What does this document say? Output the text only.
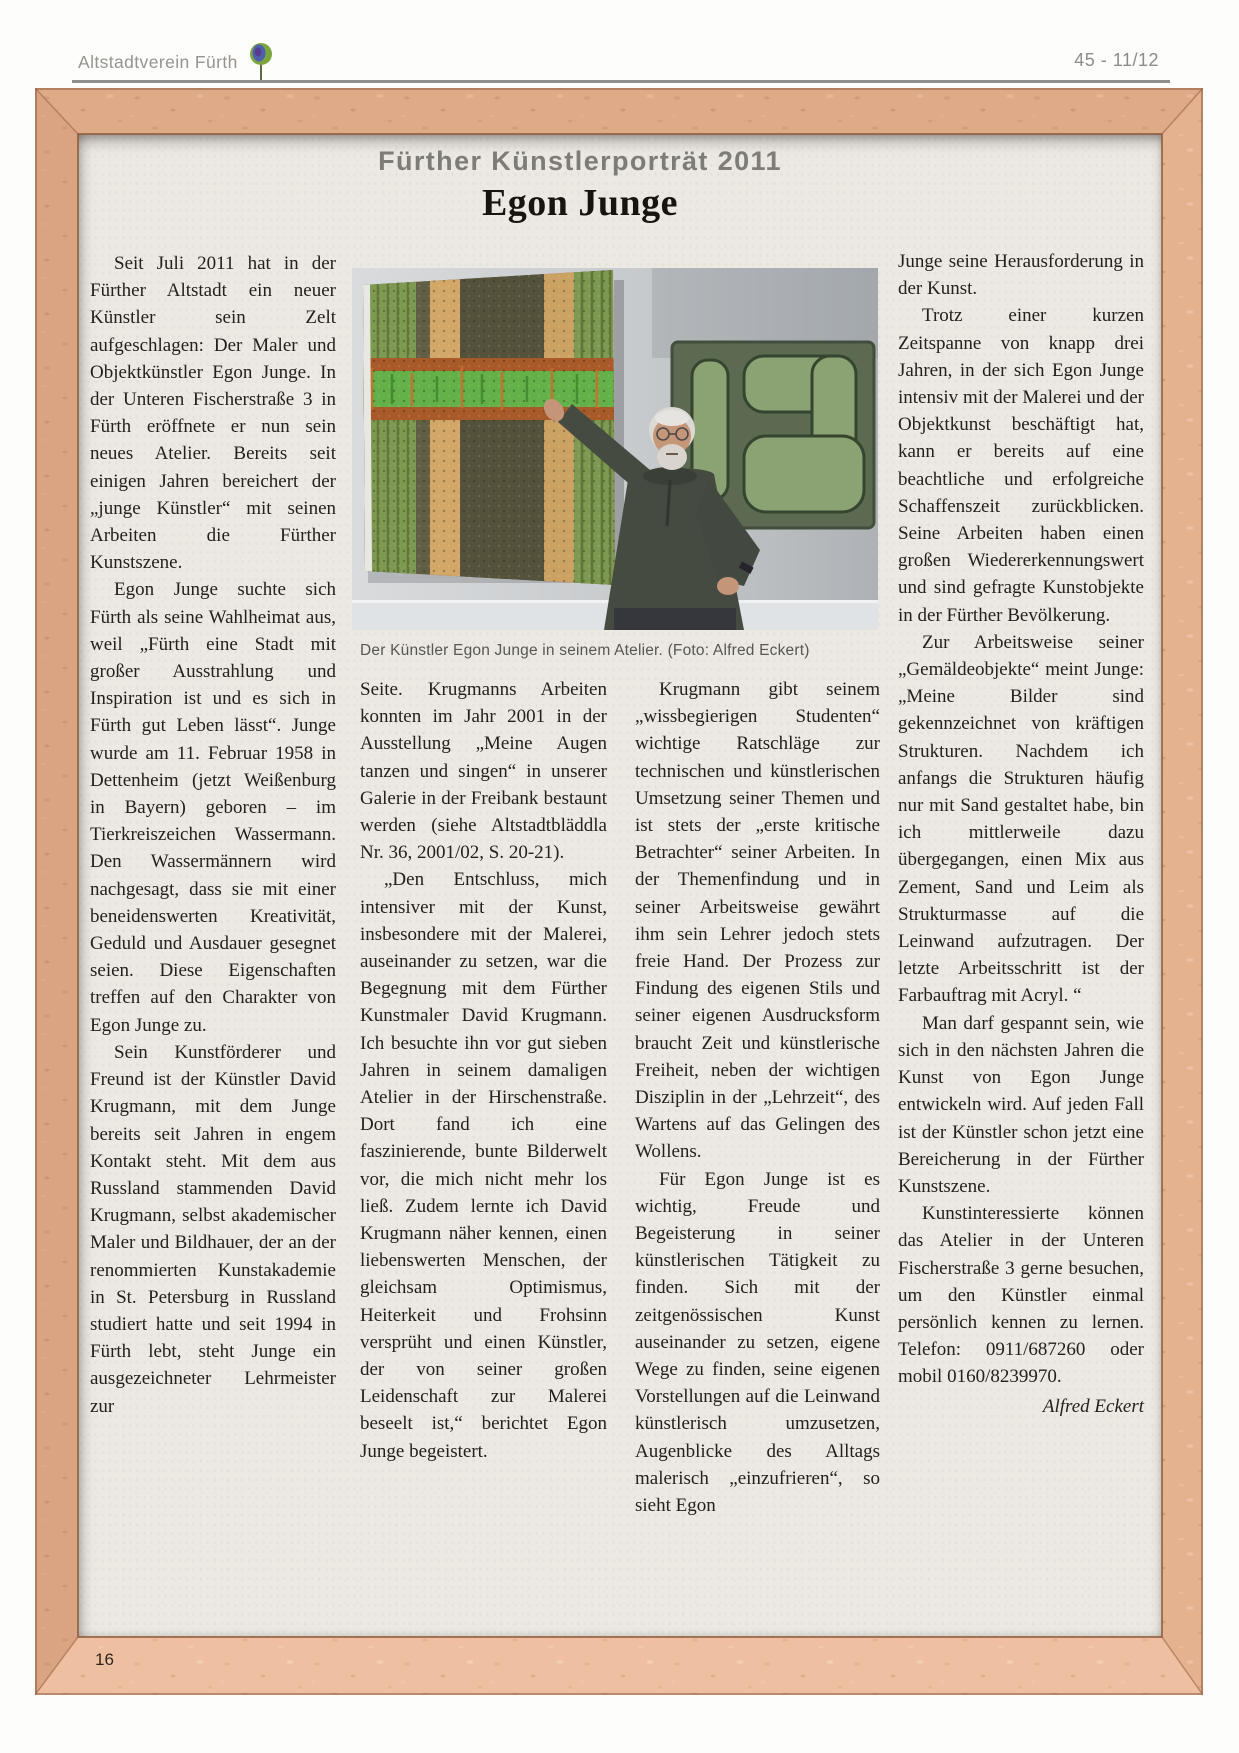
Altstadtverein Fürth	45 - 11/12
16
Fürther Künstlerporträt 2011
Egon Junge
Der Künstler Egon Junge in seinem Atelier. (Foto: Alfred Eckert)

Seit Juli 2011 hat in der Fürther Altstadt ein neuer Künstler sein Zelt aufgeschlagen: Der Maler und Objektkünstler Egon Junge. In der Unteren Fischerstraße 3 in Fürth eröffnete er nun sein neues Atelier. Bereits seit einigen Jahren bereichert der „junge Künstler“ mit seinen Arbeiten die Fürther Kunstszene.

Egon Junge suchte sich Fürth als seine Wahlheimat aus, weil „Fürth eine Stadt mit großer Ausstrahlung und Inspiration ist und es sich in Fürth gut Leben lässt“. Junge wurde am 11. Februar 1958 in Dettenheim (jetzt Weißenburg in Bayern) geboren – im Tierkreiszeichen Wassermann. Den Wassermännern wird nachgesagt, dass sie mit einer beneidenswerten Kreativität, Geduld und Ausdauer gesegnet seien. Diese Eigenschaften treffen auf den Charakter von Egon Junge zu.

Sein Kunstförderer und Freund ist der Künstler David Krugmann, mit dem Junge bereits seit Jahren in engem Kontakt steht. Mit dem aus Russland stammenden David Krugmann, selbst akademischer Maler und Bildhauer, der an der renommierten Kunstakademie in St. Petersburg in Russland studiert hatte und seit 1994 in Fürth lebt, steht Junge ein ausgezeichneter Lehrmeister zur

Seite. Krugmanns Arbeiten konnten im Jahr 2001 in der Ausstellung „Meine Augen tanzen und singen“ in unserer Galerie in der Freibank bestaunt werden (siehe Altstadtbläddla Nr. 36, 2001/02, S. 20-21).

„Den Entschluss, mich intensiver mit der Kunst, insbesondere mit der Malerei, auseinander zu setzen, war die Begegnung mit dem Fürther Kunstmaler David Krugmann. Ich besuchte ihn vor gut sieben Jahren in seinem damaligen Atelier in der Hirschenstraße. Dort fand ich eine faszinierende, bunte Bilderwelt vor, die mich nicht mehr los ließ. Zudem lernte ich David Krugmann näher kennen, einen liebenswerten Menschen, der gleichsam Optimismus, Heiterkeit und Frohsinn versprüht und einen Künstler, der von seiner großen Leidenschaft zur Malerei beseelt ist,“ berichtet Egon Junge begeistert.

Krugmann gibt seinem „wissbegierigen Studenten“ wichtige Ratschläge zur technischen und künstlerischen Umsetzung seiner Themen und ist stets der „erste kritische Betrachter“ seiner Arbeiten. In der Themenfindung und in seiner Arbeitsweise gewährt ihm sein Lehrer jedoch stets freie Hand. Der Prozess zur Findung des eigenen Stils und seiner eigenen Ausdrucksform braucht Zeit und künstlerische Freiheit, neben der wichtigen Disziplin in der „Lehrzeit“, des Wartens auf das Gelingen des Wollens.

Für Egon Junge ist es wichtig, Freude und Begeisterung in seiner künstlerischen Tätigkeit zu finden. Sich mit der zeitgenössischen Kunst auseinander zu setzen, eigene Wege zu finden, seine eigenen Vorstellungen auf die Leinwand künstlerisch umzusetzen, Augenblicke des Alltags malerisch „einzufrieren“, so sieht Egon

Junge seine Herausforderung in der Kunst.

Trotz einer kurzen Zeitspanne von knapp drei Jahren, in der sich Egon Junge intensiv mit der Malerei und der Objektkunst beschäftigt hat, kann er bereits auf eine beachtliche und erfolgreiche Schaffenszeit zurückblicken. Seine Arbeiten haben einen großen Wiedererkennungswert und sind gefragte Kunstobjekte in der Fürther Bevölkerung.

Zur Arbeitsweise seiner „Gemäldeobjekte“ meint Junge: „Meine Bilder sind gekennzeichnet von kräftigen Strukturen. Nachdem ich anfangs die Strukturen häufig nur mit Sand gestaltet habe, bin ich mittlerweile dazu übergegangen, einen Mix aus Zement, Sand und Leim als Strukturmasse auf die Leinwand aufzutragen. Der letzte Arbeitsschritt ist der Farbauftrag mit Acryl. “

Man darf gespannt sein, wie sich in den nächsten Jahren die Kunst von Egon Junge entwickeln wird. Auf jeden Fall ist der Künstler schon jetzt eine Bereicherung in der Fürther Kunstszene.

Kunstinteressierte können das Atelier in der Unteren Fischerstraße 3 gerne besuchen, um den Künstler einmal persönlich kennen zu lernen. Telefon: 0911/687260 oder mobil 0160/8239970.

Alfred Eckert
